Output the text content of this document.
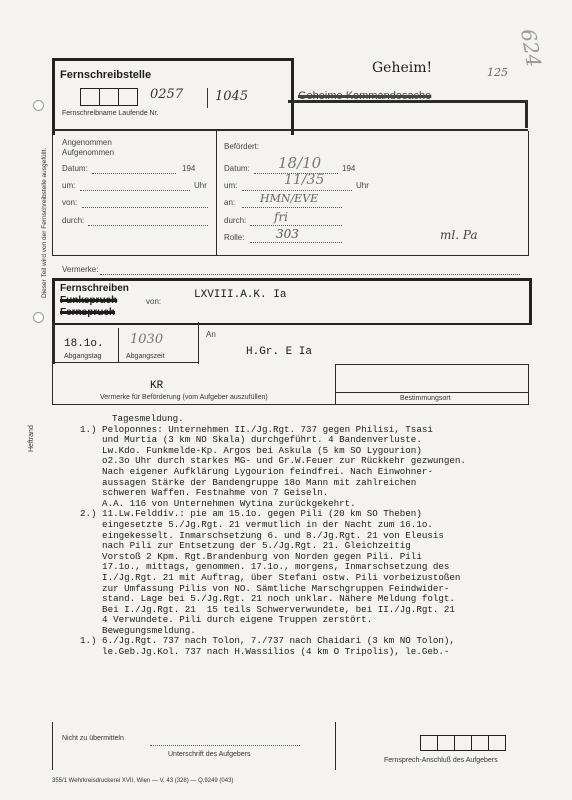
Dieser Teil wird von der Fernschreibstelle ausgefüllt.
Heftrand
624
125
Fernschreibstelle
0257 1045
Fernschreibname Laufende Nr.
Geheim!
Geheime Kommandosache
Angenommen
Aufgenommen
Datum:	194
um:	Uhr
von:
durch:
Befördert:
Datum: 18/10	194
um:	11/35	Uhr
an: HMN/EVE
durch: fri
Rolle:	303	ml. Pa
Vermerke:
Fernschreiben
Funkspruch
Fernspruch
von:
LXVIII.A.K. Ia
18.1o.
Abgangstag
1030
Abgangszeit
An
H.Gr. E Ia
KR
Vermerke für Beförderung (vom Aufgeber auszufüllen)	Bestimmungsort
Tagesmeldung.
1.) Peloponnes: Unternehmen II./Jg.Rgt. 737 gegen Philisi, Tsasi
und Murtia (3 km NO Skala) durchgeführt. 4 Bandenverluste.
Lw.Kdo. Funkmelde-Kp. Argos bei Askula (5 km SO Lygourion)
o2.3o Uhr durch starkes MG- und Gr.W.Feuer zur Rückkehr gezwungen.
Nach eigener Aufklärung Lygourion feindfrei. Nach Einwohner-
aussagen Stärke der Bandengruppe 18o Mann mit zahlreichen
schweren Waffen. Festnahme von 7 Geiseln.
A.A. 116 von Unternehmen Wytina zurückgekehrt.
2.) 11.Lw.Felddiv.: pie am 15.1o. gegen Pili (20 km SO Theben)
eingesetzte 5./Jg.Rgt. 21 vermutlich in der Nacht zum 16.1o.
eingekesselt. Inmarschsetzung 6. und 8./Jg.Rgt. 21 von Eleusis
nach Pili zur Entsetzung der 5./Jg.Rgt. 21. Gleichzeitig
Vorstoß 2 Kpm. Rgt.Brandenburg von Norden gegen Pili. Pili
17.1o., mittags, genommen. 17.1o., morgens, Inmarschsetzung des
I./Jg.Rgt. 21 mit Auftrag, über Stefani ostw. Pili vorbeizustoßen
zur Umfassung Pilis von NO. Sämtliche Marschgruppen Feindwider-
stand. Lage bei 5./Jg.Rgt. 21 noch unklar. Nähere Meldung folgt.
Bei I./Jg.Rgt. 21  15 teils Schwerverwundete, bei II./Jg.Rgt. 21
4 Verwundete. Pili durch eigene Truppen zerstört.
Bewegungsmeldung.
1.) 6./Jg.Rgt. 737 nach Tolon, 7./737 nach Chaidari (3 km NO Tolon),
le.Geb.Jg.Kol. 737 nach H.Wassilios (4 km O Tripolis), le.Geb.-
Nicht zu übermitteln
Unterschrift des Aufgebers
Fernsprech-Anschluß des Aufgebers
355/1 Wehrkreisdruckerei XVII, Wien — V. 43 (328) — Q.9249 (043)
